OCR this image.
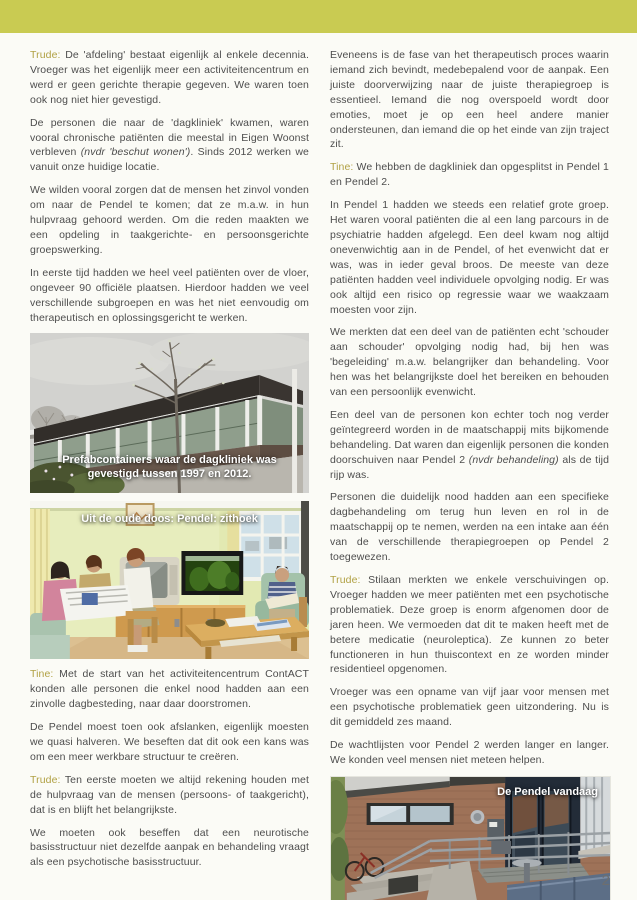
Trude: De 'afdeling' bestaat eigenlijk al enkele decennia. Vroeger was het eigenlijk meer een activiteitencentrum en werd er geen gerichte therapie gegeven. We waren toen ook nog niet hier gevestigd.

De personen die naar de 'dagkliniek' kwamen, waren vooral chronische patiënten die meestal in Eigen Woonst verbleven (nvdr 'beschut wonen'). Sinds 2012 werken we vanuit onze huidige locatie.

We wilden vooral zorgen dat de mensen het zinvol vonden om naar de Pendel te komen; dat ze m.a.w. in hun hulpvraag gehoord werden. Om die reden maakten we een opdeling in taakgerichte- en persoonsgerichte groepswerking.

In eerste tijd hadden we heel veel patiënten over de vloer, ongeveer 90 officiële plaatsen. Hierdoor hadden we veel verschillende subgroepen en was het niet eenvoudig om therapeutisch en oplossingsgericht te werken.

Prefabcontainers waar de dagkliniek was gevestigd tussen 1997 en 2012.
Uit de oude doos: Pendel: zithoek

Tine: Met de start van het activiteitencentrum ContACT konden alle personen die enkel nood hadden aan een zinvolle dagbesteding, naar daar doorstromen.

De Pendel moest toen ook afslanken, eigenlijk moesten we quasi halveren. We beseften dat dit ook een kans was om een meer werkbare structuur te creëren.

Trude: Ten eerste moeten we altijd rekening houden met de hulpvraag van de mensen (persoons- of taakgericht), dat is en blijft het belangrijkste.

We moeten ook beseffen dat een neurotische basisstructuur niet dezelfde aanpak en behandeling vraagt als een psychotische basisstructuur.

Eveneens is de fase van het therapeutisch proces waarin iemand zich bevindt, medebepalend voor de aanpak. Een juiste doorverwijzing naar de juiste therapiegroep is essentieel. Iemand die nog overspoeld wordt door emoties, moet je op een heel andere manier ondersteunen, dan iemand die op het einde van zijn traject zit.

Tine: We hebben de dagkliniek dan opgesplitst in Pendel 1 en Pendel 2.

In Pendel 1 hadden we steeds een relatief grote groep. Het waren vooral patiënten die al een lang parcours in de psychiatrie hadden afgelegd. Een deel kwam nog altijd onevenwichtig aan in de Pendel, of het evenwicht dat er was, was in ieder geval broos. De meeste van deze patiënten hadden veel individuele opvolging nodig. Er was ook altijd een risico op regressie waar we waakzaam moesten voor zijn.

We merkten dat een deel van de patiënten echt 'schouder aan schouder' opvolging nodig had, bij hen was 'begeleiding' m.a.w. belangrijker dan behandeling. Voor hen was het belangrijkste doel het bereiken en behouden van een persoonlijk evenwicht.

Een deel van de personen kon echter toch nog verder geïntegreerd worden in de maatschappij mits bijkomende behandeling. Dat waren dan eigenlijk personen die konden doorschuiven naar Pendel 2 (nvdr behandeling) als de tijd rijp was.

Personen die duidelijk nood hadden aan een specifieke dagbehandeling om terug hun leven en rol in de maatschappij op te nemen, werden na een intake aan één van de verschillende therapiegroepen op Pendel 2 toegewezen.

Trude: Stilaan merkten we enkele verschuivingen op. Vroeger hadden we meer patiënten met een psychotische problematiek. Deze groep is enorm afgenomen door de jaren heen. We vermoeden dat dit te maken heeft met de betere medicatie (neuroleptica). Ze kunnen zo beter functioneren in hun thuiscontext en ze worden minder residentieel opgenomen.

Vroeger was een opname van vijf jaar voor mensen met een psychotische problematiek geen uitzondering. Nu is dit gemiddeld zes maand.

De wachtlijsten voor Pendel 2 werden langer en langer. We konden veel mensen niet meteen helpen.

De Pendel vandaag
2
